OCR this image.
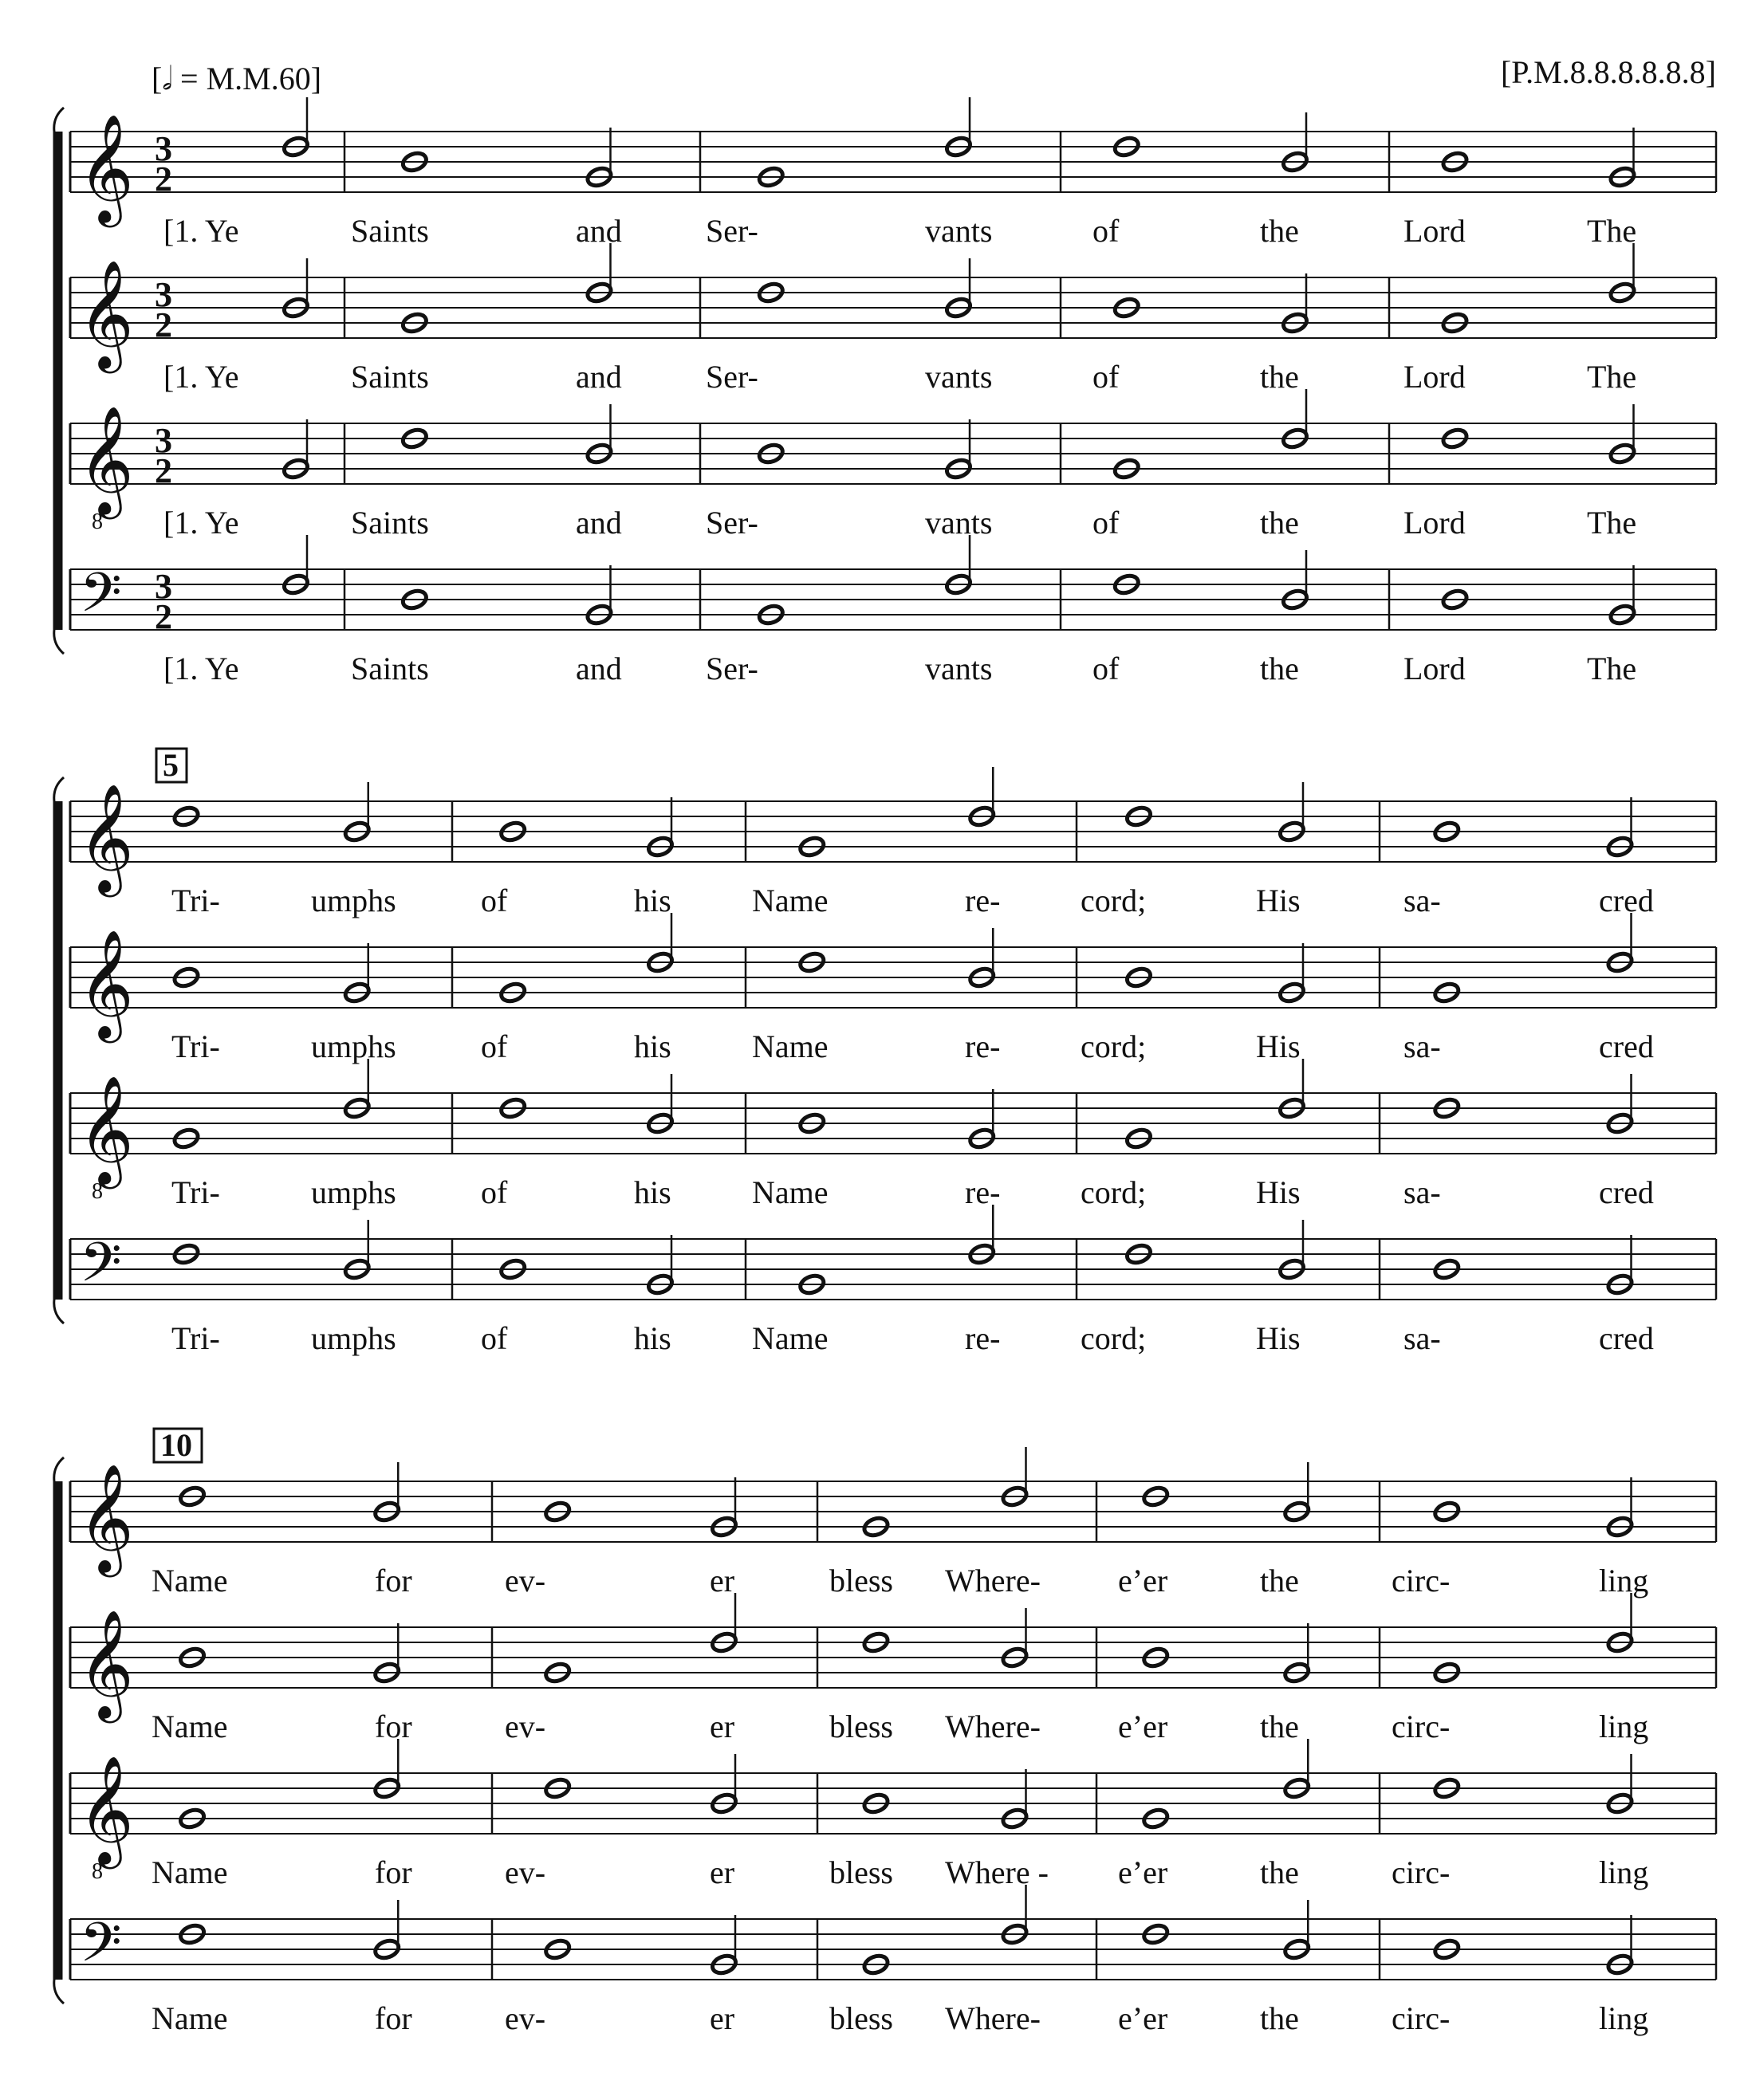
[𝅗𝅥 = M.M.60]	[P.M.8.8.8.8.8.8]
𝄞 3
2
[1. Ye	Saints	and	Ser-	vants	of	the	Lord	The
𝄞 3
2
[1. Ye	Saints	and	Ser-	vants	of	the	Lord	The
𝄞
8
3
2
[1. Ye	Saints	and	Ser-	vants	of	the	Lord	The
𝄢 3
2
[1. Ye	Saints	and	Ser-	vants	of	the	Lord	The
5
𝄞
Tri-	umphs	of	his	Name	re-	cord;	His	sa-	cred
𝄞
Tri-	umphs	of	his	Name	re-	cord;	His	sa-	cred
𝄞
8 Tri-	umphs	of	his	Name	re-	cord;	His	sa-	cred
𝄢
Tri-	umphs	of	his	Name	re-	cord;	His	sa-	cred
10
𝄞
Name	for	ev-	er	bless Where- e’er	the	circ-	ling
𝄞
Name	for	ev-	er	bless Where- e’er	the	circ-	ling
𝄞
8 Name	for	ev-	er	bless Where - e’er	the	circ-	ling
𝄢
Name	for	ev-	er	bless Where- e’er	the	circ-	ling
